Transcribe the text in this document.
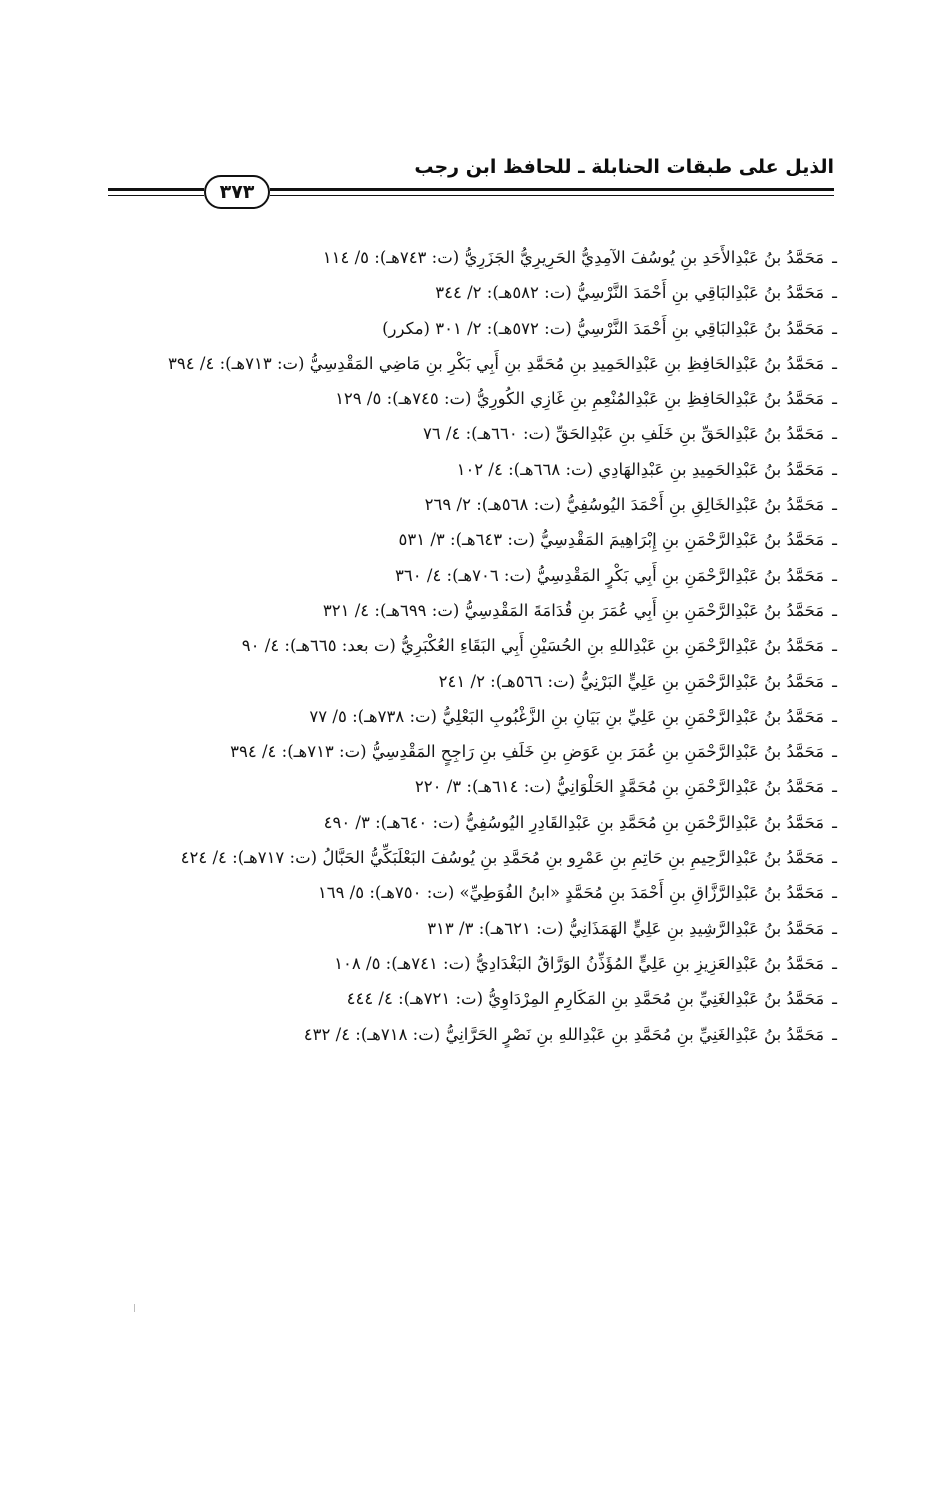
الذيل على طبقات الحنابلة ـ للحافظ ابن رجب
٣٧٣
ـمَحَمَّدُ بنُ عَبْدِالأَحَدِ بنِ يُوسُفَ الآمِدِيُّ الحَرِيرِيُّ الجَزَرِيُّ (ت: ٧٤٣هـ): ٥/ ١١٤
ـمَحَمَّدُ بنُ عَبْدِالبَاقِي بنِ أَحْمَدَ النَّرْسِيُّ (ت: ٥٨٢هـ): ٢/ ٣٤٤
ـمَحَمَّدُ بنُ عَبْدِالبَاقِي بنِ أَحْمَدَ النَّرْسِيُّ (ت: ٥٧٢هـ): ٢/ ٣٠١ (مكرر)
ـمَحَمَّدُ بنُ عَبْدِالحَافِظِ بنِ عَبْدِالحَمِيدِ بنِ مُحَمَّدِ بنِ أَبِي بَكْرِ بنِ مَاضِي المَقْدِسِيُّ (ت: ٧١٣هـ): ٤/ ٣٩٤
ـمَحَمَّدُ بنُ عَبْدِالحَافِظِ بنِ عَبْدِالمُنْعِمِ بنِ غَازِي الكُورِيُّ (ت: ٧٤٥هـ): ٥/ ١٢٩
ـمَحَمَّدُ بنُ عَبْدِالحَقِّ بنِ خَلَفِ بنِ عَبْدِالحَقِّ (ت: ٦٦٠هـ): ٤/ ٧٦
ـمَحَمَّدُ بنُ عَبْدِالحَمِيدِ بنِ عَبْدِالهَادِي (ت: ٦٦٨هـ): ٤/ ١٠٢
ـمَحَمَّدُ بنُ عَبْدِالخَالِقِ بنِ أَحْمَدَ اليُوسُفِيُّ (ت: ٥٦٨هـ): ٢/ ٢٦٩
ـمَحَمَّدُ بنُ عَبْدِالرَّحْمَنِ بنِ إِبْرَاهِيمَ المَقْدِسِيُّ (ت: ٦٤٣هـ): ٣/ ٥٣١
ـمَحَمَّدُ بنُ عَبْدِالرَّحْمَنِ بنِ أَبِي بَكْرٍ المَقْدِسِيُّ (ت: ٧٠٦هـ): ٤/ ٣٦٠
ـمَحَمَّدُ بنُ عَبْدِالرَّحْمَنِ بنِ أَبِي عُمَرَ بنِ قُدَامَةَ المَقْدِسِيُّ (ت: ٦٩٩هـ): ٤/ ٣٢١
ـمَحَمَّدُ بنُ عَبْدِالرَّحْمَنِ بنِ عَبْدِاللهِ بنِ الحُسَيْنِ أَبِي البَقَاءِ العُكْبَرِيُّ (ت بعد: ٦٦٥هـ): ٤/ ٩٠
ـمَحَمَّدُ بنُ عَبْدِالرَّحْمَنِ بنِ عَلِيٍّ البَرْنِيُّ (ت: ٥٦٦هـ): ٢/ ٢٤١
ـمَحَمَّدُ بنُ عَبْدِالرَّحْمَنِ بنِ عَلِيِّ بنِ بَيَانِ بنِ الزَّغْبُوبِ البَعْلِيُّ (ت: ٧٣٨هـ): ٥/ ٧٧
ـمَحَمَّدُ بنُ عَبْدِالرَّحْمَنِ بنِ عُمَرَ بنِ عَوَضِ بنِ خَلَفِ بنِ رَاجِحٍ المَقْدِسِيُّ (ت: ٧١٣هـ): ٤/ ٣٩٤
ـمَحَمَّدُ بنُ عَبْدِالرَّحْمَنِ بنِ مُحَمَّدٍ الحَلْوَانِيُّ (ت: ٦١٤هـ): ٣/ ٢٢٠
ـمَحَمَّدُ بنُ عَبْدِالرَّحْمَنِ بنِ مُحَمَّدِ بنِ عَبْدِالقَادِرِ اليُوسُفِيُّ (ت: ٦٤٠هـ): ٣/ ٤٩٠
ـمَحَمَّدُ بنُ عَبْدِالرَّحِيمِ بنِ حَاتِمِ بنِ عَمْرِو بنِ مُحَمَّدِ بنِ يُوسُفَ البَعْلَبَكِّيُّ الحَبَّالُ (ت: ٧١٧هـ): ٤/ ٤٢٤
ـمَحَمَّدُ بنُ عَبْدِالرَّزَّاقِ بنِ أَحْمَدَ بنِ مُحَمَّدٍ «ابنُ الفُوَطِيِّ» (ت: ٧٥٠هـ): ٥/ ١٦٩
ـمَحَمَّدُ بنُ عَبْدِالرَّشِيدِ بنِ عَلِيٍّ الهَمَذَانِيُّ (ت: ٦٢١هـ): ٣/ ٣١٣
ـمَحَمَّدُ بنُ عَبْدِالعَزِيزِ بنِ عَلِيٍّ المُؤَذِّنُ الوَرَّاقُ البَغْدَادِيُّ (ت: ٧٤١هـ): ٥/ ١٠٨
ـمَحَمَّدُ بنُ عَبْدِالغَنِيِّ بنِ مُحَمَّدِ بنِ المَكَارِمِ المِرْدَاوِيُّ (ت: ٧٢١هـ): ٤/ ٤٤٤
ـمَحَمَّدُ بنُ عَبْدِالغَنِيِّ بنِ مُحَمَّدِ بنِ عَبْدِاللهِ بنِ نَصْرٍ الحَرَّانِيُّ (ت: ٧١٨هـ): ٤/ ٤٣٢
